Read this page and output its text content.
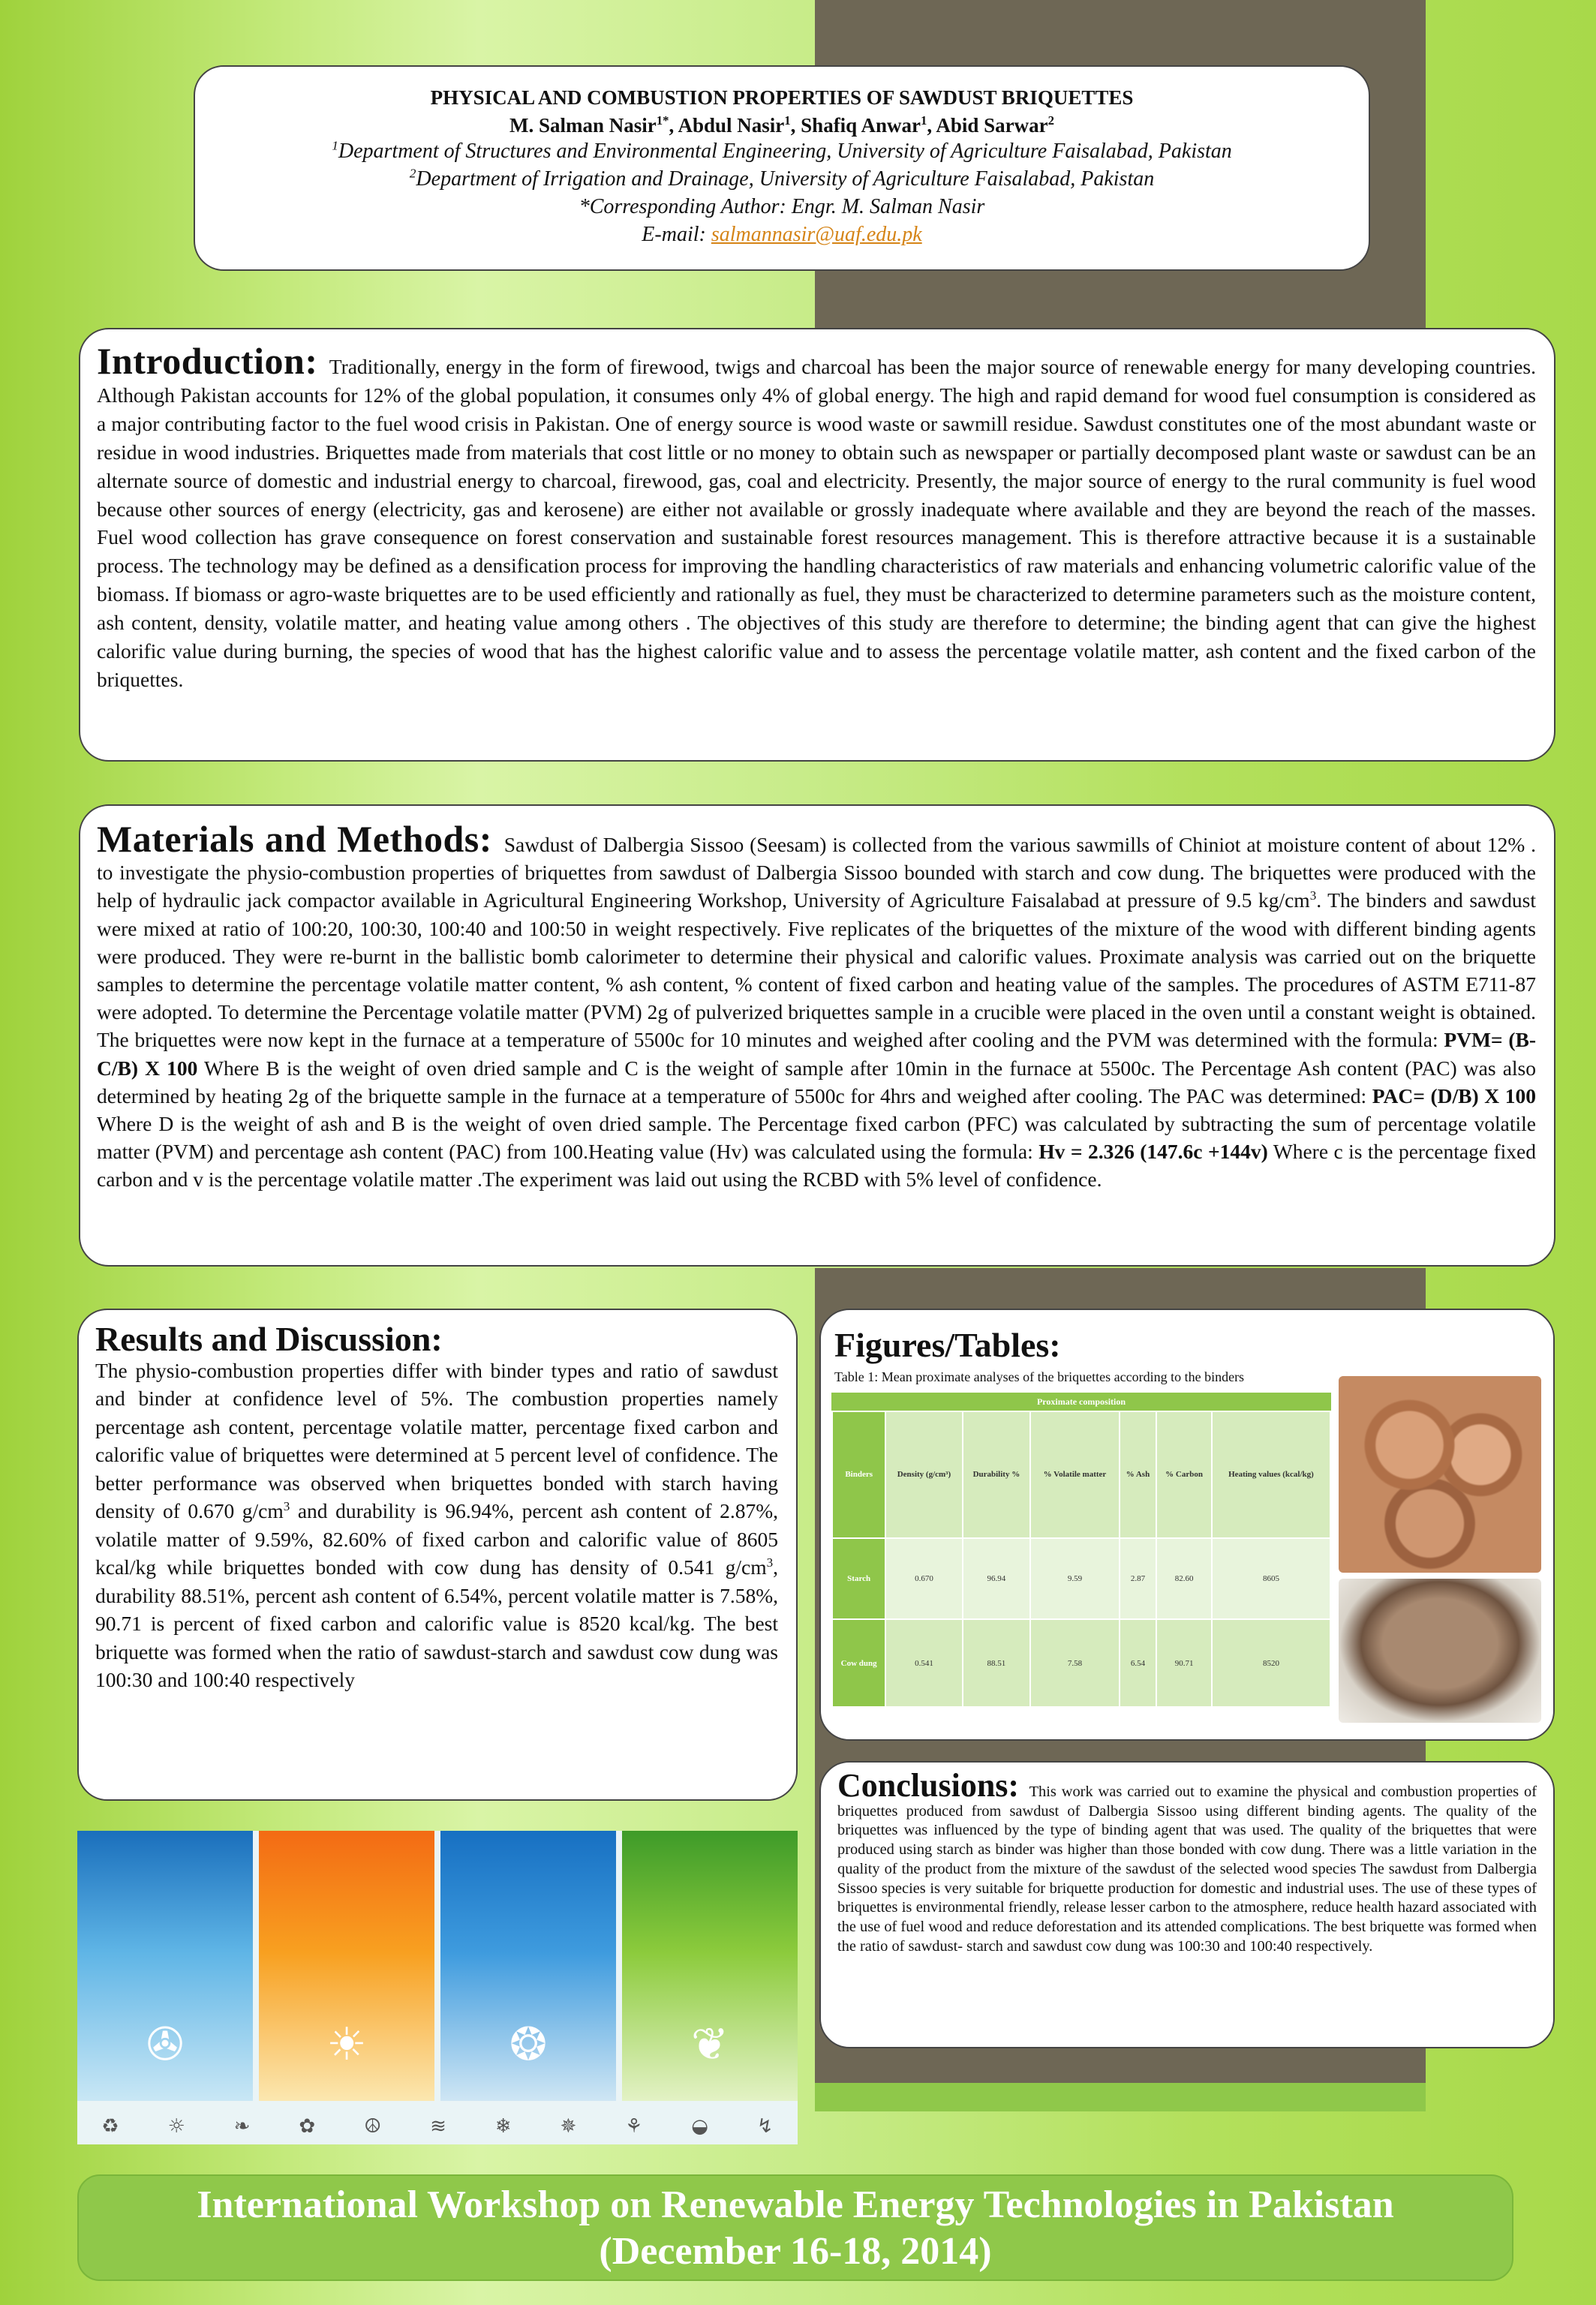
PHYSICAL AND COMBUSTION PROPERTIES OF SAWDUST BRIQUETTES
M. Salman Nasir$^{1*}$, Abdul Nasir$^1$, Shafiq Anwar$^1$, Abid Sarwar$^2$
$^1$Department of Structures and Environmental Engineering, University of Agriculture Faisalabad, Pakistan
$^2$Department of Irrigation and Drainage, University of Agriculture Faisalabad, Pakistan
*Corresponding Author: Engr. M. Salman Nasir
E-mail: salmannasir@uaf.edu.pk
Introduction: Traditionally, energy in the form of firewood, twigs and charcoal has been the major source of renewable energy for many developing countries. Although Pakistan accounts for 12% of the global population, it consumes only 4% of global energy. The high and rapid demand for wood fuel consumption is considered as a major contributing factor to the fuel wood crisis in Pakistan. One of energy source is wood waste or sawmill residue. Sawdust constitutes one of the most abundant waste or residue in wood industries. Briquettes made from materials that cost little or no money to obtain such as newspaper or partially decomposed plant waste or sawdust can be an alternate source of domestic and industrial energy to charcoal, firewood, gas, coal and electricity. Presently, the major source of energy to the rural community is fuel wood because other sources of energy (electricity, gas and kerosene) are either not available or grossly inadequate where available and they are beyond the reach of the masses. Fuel wood collection has grave consequence on forest conservation and sustainable forest resources management. This is therefore attractive because it is a sustainable process. The technology may be defined as a densification process for improving the handling characteristics of raw materials and enhancing volumetric calorific value of the biomass. If biomass or agro-waste briquettes are to be used efficiently and rationally as fuel, they must be characterized to determine parameters such as the moisture content, ash content, density, volatile matter, and heating value among others . The objectives of this study are therefore to determine; the binding agent that can give the highest calorific value during burning, the species of wood that has the highest calorific value and to assess the percentage volatile matter, ash content and the fixed carbon of the briquettes.
Materials and Methods: Sawdust of Dalbergia Sissoo (Seesam) is collected from the various sawmills of Chiniot at moisture content of about 12% . to investigate the physio-combustion properties of briquettes from sawdust of Dalbergia Sissoo bounded with starch and cow dung. The briquettes were produced with the help of hydraulic jack compactor available in Agricultural Engineering Workshop, University of Agriculture Faisalabad at pressure of 9.5 $kg/cm^3$. The binders and sawdust were mixed at ratio of 100:20, 100:30, 100:40 and 100:50 in weight respectively. Five replicates of the briquettes of the mixture of the wood with different binding agents were produced. They were re-burnt in the ballistic bomb calorimeter to determine their physical and calorific values. Proximate analysis was carried out on the briquette samples to determine the percentage volatile matter content, % ash content, % content of fixed carbon and heating value of the samples. The procedures of ASTM E711-87 were adopted. To determine the Percentage volatile matter (PVM) 2g of pulverized briquettes sample in a crucible were placed in the oven until a constant weight is obtained. The briquettes were now kept in the furnace at a temperature of 5500c for 10 minutes and weighed after cooling and the PVM was determined with the formula: PVM= (B-C/B) X 100 Where B is the weight of oven dried sample and C is the weight of sample after 10min in the furnace at 5500c. The Percentage Ash content (PAC) was also determined by heating 2g of the briquette sample in the furnace at a temperature of 5500c for 4hrs and weighed after cooling. The PAC was determined: PAC= (D/B) X 100 Where D is the weight of ash and B is the weight of oven dried sample. The Percentage fixed carbon (PFC) was calculated by subtracting the sum of percentage volatile matter (PVM) and percentage ash content (PAC) from 100.Heating value (Hv) was calculated using the formula: Hv = 2.326 (147.6c +144v) Where c is the percentage fixed carbon and v is the percentage volatile matter .The experiment was laid out using the RCBD with 5% level of confidence.
Results and Discussion:
The physio-combustion properties differ with binder types and ratio of sawdust and binder at confidence level of 5%. The combustion properties namely percentage ash content, percentage volatile matter, percentage fixed carbon and calorific value of briquettes were determined at 5 percent level of confidence. The better performance was observed when briquettes bonded with starch having density of 0.670 $g/cm^3$ and durability is 96.94%, percent ash content of 2.87%, volatile matter of 9.59%, 82.60% of fixed carbon and calorific value of 8605 kcal/kg while briquettes bonded with cow dung has density of 0.541 $g/cm^3$, durability 88.51%, percent ash content of 6.54%, percent volatile matter is 7.58%, 90.71 is percent of fixed carbon and calorific value is 8520 kcal/kg. The best briquette was formed when the ratio of sawdust-starch and sawdust cow dung was 100:30 and 100:40 respectively
Figures/Tables:
Table 1: Mean proximate analyses of the briquettes according to the binders
Proximate composition
Binders	Density (g/cm³)	Durability %	% Volatile matter	% Ash	% Carbon	Heating values (kcal/kg)
Starch	0.670	96.94	9.59	2.87	82.60	8605
Cow dung	0.541	88.51	7.58	6.54	90.71	8520
Conclusions: This work was carried out to examine the physical and combustion properties of briquettes produced from sawdust of Dalbergia Sissoo using different binding agents. The quality of the briquettes was influenced by the type of binding agent that was used. The quality of the briquettes that were produced using starch as binder was higher than those bonded with cow dung. There was a little variation in the quality of the product from the mixture of the sawdust of the selected wood species The sawdust from Dalbergia Sissoo species is very suitable for briquette production for domestic and industrial uses. The use of these types of briquettes is environmental friendly, release lesser carbon to the atmosphere, reduce health hazard associated with the use of fuel wood and reduce deforestation and its attended complications. The best briquette was formed when the ratio of sawdust- starch and sawdust cow dung was 100:30 and 100:40 respectively.
✇	☀	❂	❦
♻ ☼ ❧ ✿ ☮ ≋ ❄ ✵ ⚘ ◒ ↯
International Workshop on Renewable Energy Technologies in Pakistan
(December 16-18, 2014)
